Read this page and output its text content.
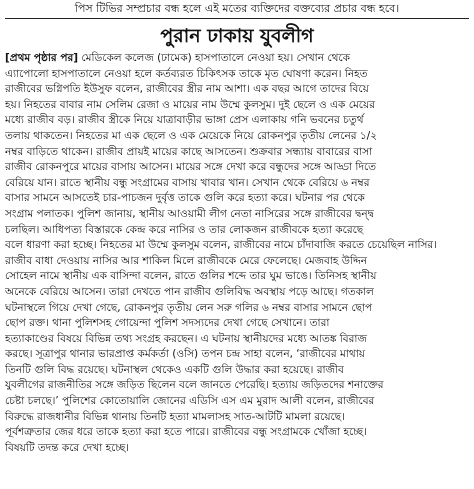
পিস টিভির সম্প্রচার বন্ধ হলে এই মতের ব্যক্তিদের বক্তব্যের প্রচার বন্ধ হবে।
পুরান ঢাকায় যুবলীগ
[প্রথম পৃষ্ঠার পর] মেডিকেল কলেজ (ঢামেক) হাসপাতালে নেওয়া হয়। সেখান থেকে
এ্যাপোলো হাসপাতালে নেওয়া হলে কর্তব্যরত চিকিৎসক তাকে মৃত ঘোষণা করেন। নিহত
রাজীবের ভগ্নিপতি ইউসুফ বলেন, রাজীবের স্ত্রীর নাম আশা। এক বছর আগে তাদের বিয়ে
হয়। নিহতের বাবার নাম সেলিম রেজা ও মায়ের নাম উম্মে কুলসুম। দুই ছেলে ও এক মেয়ের
মধ্যে রাজীব বড়। রাজীব স্ত্রীকে নিয়ে যাত্রাবাড়ীর ভাঙ্গা প্রেস এলাকায় গনি ভবনের চতুর্থ
তলায় থাকতেন। নিহতের মা এক ছেলে ও এক মেয়েকে নিয়ে রোকনপুর তৃতীয় লেনের ১/২
নম্বর বাড়িতে থাকেন। রাজীব প্রায়ই মায়ের কাছে আসতেন। শুক্রবার সন্ধ্যায় বাবারের বাসা
রাজীব রোকনপুরে মায়ের বাসায় আসেন। মায়ের সঙ্গে দেখা করে বন্ধুদের সঙ্গে আড্ডা দিতে
বেরিয়ে যান। রাতে স্থানীয় বন্ধু সংগ্রামের বাসায় খাবার খান। সেখান থেকে বেরিয়ে ৬ নম্বর
বাসার সামনে আসতেই চার-পাচজন দুর্বৃত্ত তাকে গুলি করে হত্যা করে। ঘটনার পর থেকে
সংগ্রাম পলাতক। পুলিশ জানায়, স্থানীয় আওয়ামী লীগ নেতা নাসিরের সঙ্গে রাজীবের দ্বন্দ্ব
চলছিল। আধিপত্য বিস্তারকে কেন্দ্র করে নাসির ও তার লোকজন রাজীবকে হত্যা করেছে
বলে ধারণা করা হচ্ছে। নিহতের মা উম্মে কুলসুম বলেন, রাজীবের নামে চাঁদাবাজি করতে চেয়েছিল নাসির।
রাজীব বাধা দেওয়ায় নাসির আর শাকিল মিলে রাজীবকে মেরে ফেলেছে। মেজবাহ উদ্দিন
সোহেল নামে স্থানীয় এক বাসিন্দা বলেন, রাতে গুলির শব্দে তার ঘুম ভাঙে। তিনিসহ স্থানীয়
অনেকে বেরিয়ে আসেন। তারা দেখতে পান রাজীব গুলিবিদ্ধ অবস্থায় পড়ে আছে। গতকাল
ঘটনাস্থলে গিয়ে দেখা গেছে, রোকনপুর তৃতীয় লেন সরু গলির ৬ নম্বর বাসার সামনে ছোপ
ছোপ রক্ত। থানা পুলিশসহ গোয়েন্দা পুলিশ সদস্যদের দেখা গেছে সেখানে। তারা
হত্যাকাণ্ডের বিষয়ে বিভিন্ন তথ্য সংগ্রহ করছেন। এ ঘটনায় স্থানীয়দের মধ্যে আতঙ্ক বিরাজ
করছে। সূত্রাপুর থানার ভারপ্রাপ্ত কর্মকর্তা (ওসি) তপন চন্দ্র সাহা বলেন, ‘রাজীবের মাথায়
তিনটি গুলি বিদ্ধ রয়েছে। ঘটনাস্থল থেকেও একটি গুলি উদ্ধার করা হয়েছে। রাজীব
যুবলীগের রাজনীতির সঙ্গে জড়িত ছিলেন বলে জানতে পেরেছি। হত্যায় জড়িতদের শনাক্তের
চেষ্টা চলছে।’ পুলিশের কোতোয়ালি জোনের এডিসি এস এম মুরাদ আলী বলেন, রাজীবের
বিরুদ্ধে রাজধানীর বিভিন্ন থানায় তিনটি হত্যা মামলাসহ সাত-আটটি মামলা রয়েছে।
পূর্বশত্রুতার জের ধরে তাকে হত্যা করা হতে পারে। রাজীবের বন্ধু সংগ্রামকে খোঁজা হচ্ছে।
বিষয়টি তদন্ত করে দেখা হচ্ছে।
